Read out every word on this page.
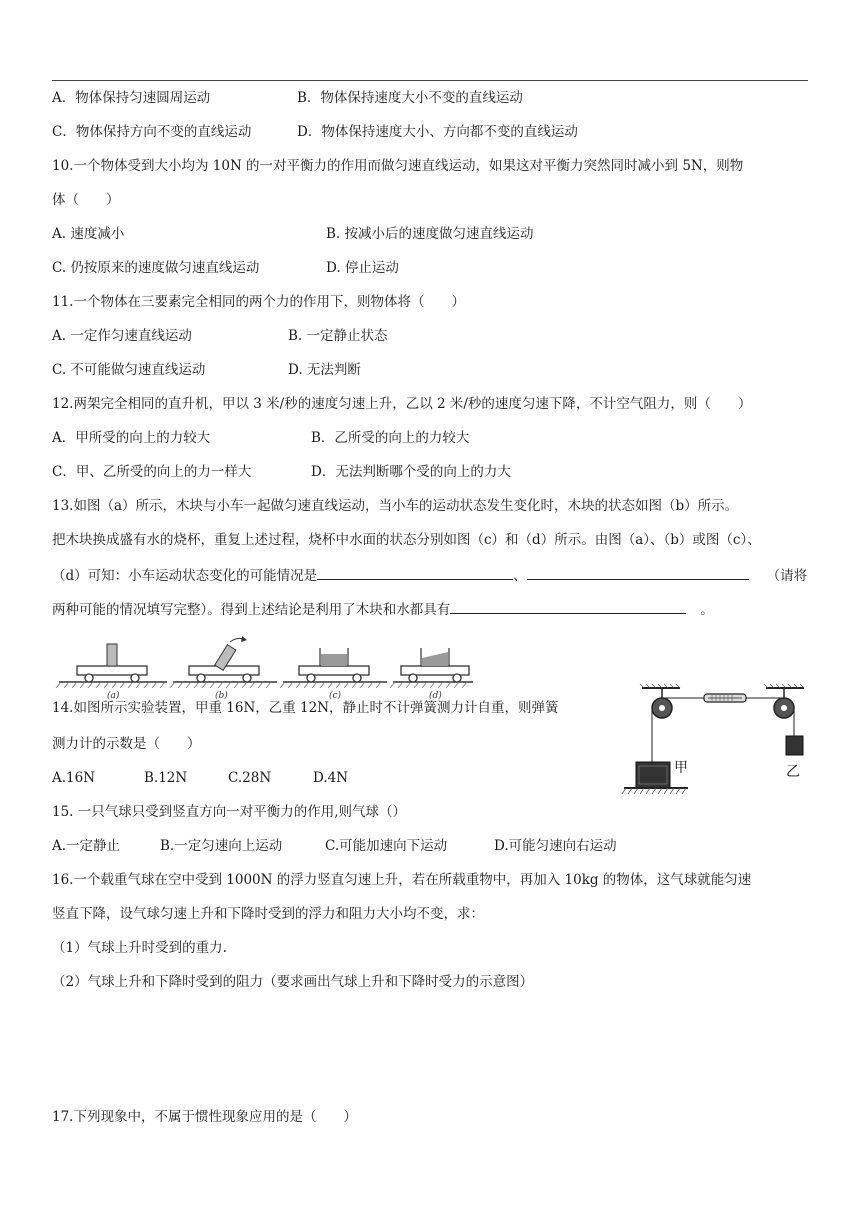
A．物体保持匀速圆周运动	B．物体保持速度大小不变的直线运动
C．物体保持方向不变的直线运动	D．物体保持速度大小、方向都不变的直线运动
10.一个物体受到大小均为 10N 的一对平衡力的作用而做匀速直线运动，如果这对平衡力突然同时减小到 5N，则物
体（　　）
A. 速度减小	B. 按减小后的速度做匀速直线运动
C. 仍按原来的速度做匀速直线运动	D. 停止运动
11.一个物体在三要素完全相同的两个力的作用下，则物体将（　　）
A. 一定作匀速直线运动	B. 一定静止状态
C. 不可能做匀速直线运动	D. 无法判断
12.两架完全相同的直升机，甲以 3 米/秒的速度匀速上升，乙以 2 米/秒的速度匀速下降，不计空气阻力，则（　　）
A．甲所受的向上的力较大	B．乙所受的向上的力较大
C．甲、乙所受的向上的力一样大	D．无法判断哪个受的向上的力大
13.如图（a）所示，木块与小车一起做匀速直线运动，当小车的运动状态发生变化时，木块的状态如图（b）所示。
把木块换成盛有水的烧杯，重复上述过程，烧杯中水面的状态分别如图（c）和（d）所示。由图（a）、（b）或图（c）、
（d）可知：小车运动状态变化的可能情况是	、	（请将
两种可能的情况填写完整）。得到上述结论是利用了木块和水都具有	。
(a)	(b)	(c)	(d)
14.如图所示实验装置，甲重 16N，乙重 12N，静止时不计弹簧测力计自重，则弹簧
测力计的示数是（　　）
A.16N	B.12N	C.28N	D.4N
甲	乙
15. 一只气球只受到竖直方向一对平衡力的作用,则气球（）
A.一定静止	B.一定匀速向上运动	C.可能加速向下运动	D.可能匀速向右运动
16.一个载重气球在空中受到 1000N 的浮力竖直匀速上升，若在所载重物中，再加入 10kg 的物体，这气球就能匀速
竖直下降，设气球匀速上升和下降时受到的浮力和阻力大小均不变，求：
（1）气球上升时受到的重力.
（2）气球上升和下降时受到的阻力（要求画出气球上升和下降时受力的示意图）
17.下列现象中，不属于惯性现象应用的是（　　）
